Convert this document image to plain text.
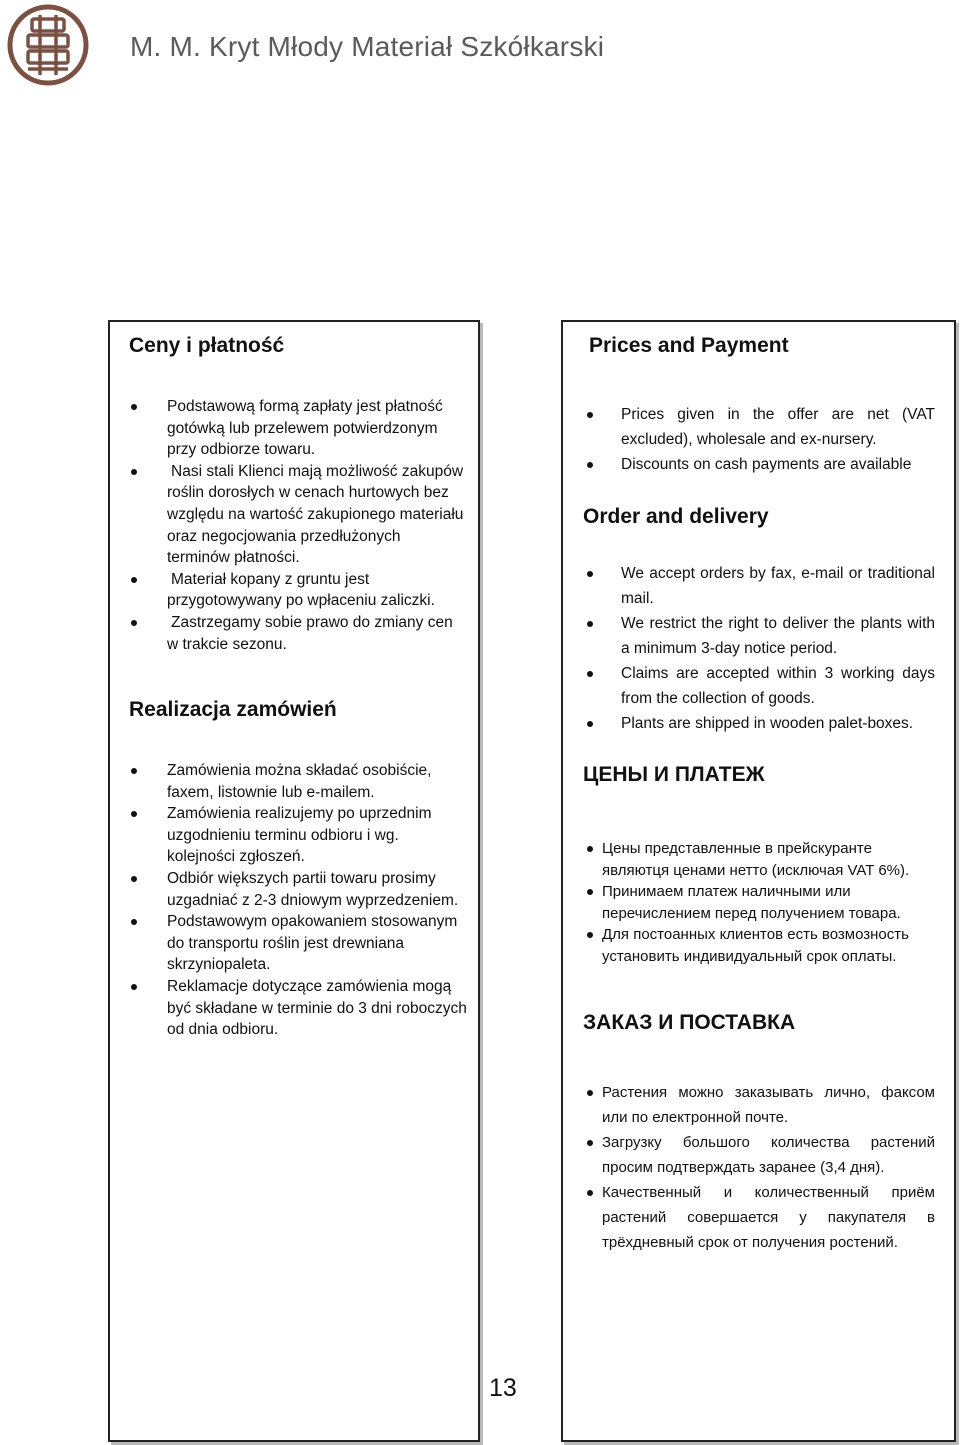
M. M. Kryt Młody Materiał Szkółkarski
Ceny i płatność
Podstawową formą zapłaty jest płatność gotówką lub przelewem potwierdzonym przy odbiorze towaru.
Nasi stali Klienci mają możliwość zakupów roślin dorosłych w cenach hurtowych bez względu na wartość zakupionego materiału oraz negocjowania przedłużonych terminów płatności.
Materiał kopany z gruntu jest przygotowywany po wpłaceniu zaliczki.
Zastrzegamy sobie prawo do zmiany cen w trakcie sezonu.
Realizacja zamówień
Zamówienia można składać osobiście, faxem, listownie lub e-mailem.
Zamówienia realizujemy po uprzednim uzgodnieniu terminu odbioru i wg. kolejności zgłoszeń.
Odbiór większych partii towaru prosimy uzgadniać z 2-3 dniowym wyprzedzeniem.
Podstawowym opakowaniem stosowanym do transportu roślin jest drewniana skrzyniopaleta.
Reklamacje dotyczące zamówienia mogą być składane w terminie do 3 dni roboczych od dnia odbioru.
Prices and Payment
Prices given in the offer are net (VAT excluded), wholesale and ex-nursery.
Discounts on cash payments are available
Order and delivery
We accept orders by fax, e-mail or traditional mail.
We restrict the right to deliver the plants with a minimum 3-day notice period.
Claims are accepted within 3 working days from the collection of goods.
Plants are shipped in wooden palet-boxes.
ЦЕНЫ И ПЛАТЕЖ
Цены представленные в прейскуранте являютця ценами нетто (исключая VAT 6%).
Принимаем платеж наличными или перечислением перед получением товара.
Для постоанных клиентов есть возмозность установить индивидуальный срок оплаты.
ЗАКАЗ И ПОСТАВКА
Растения можно заказывать лично, факсом или по електронной почте.
Загрузку большого количества растений просим подтверждать заранее (3,4 дня).
Качественный и количественный приём растений совершается у пакупателя в трёхдневный срок от получения ростений.
13
